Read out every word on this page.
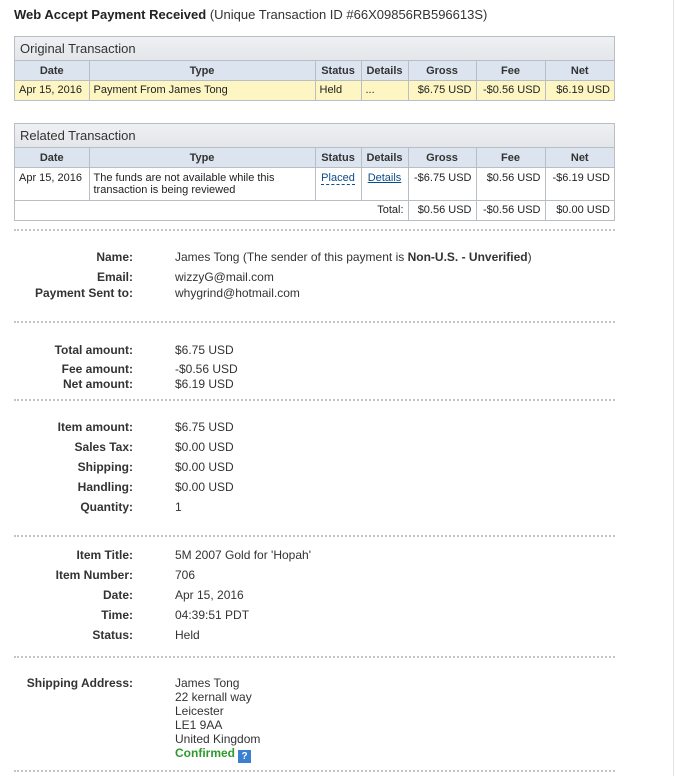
Web Accept Payment Received (Unique Transaction ID #66X09856RB596613S)
Original Transaction
Date	Type	Status	Details	Gross	Fee	Net
Apr 15, 2016	Payment From James Tong	Held	...	$6.75 USD	-$0.56 USD	$6.19 USD
Related Transaction
Date	Type	Status	Details	Gross	Fee	Net
Apr 15, 2016	The funds are not available while this transaction is being reviewed	Placed	Details	-$6.75 USD	$0.56 USD	-$6.19 USD
			Total:	$0.56 USD	-$0.56 USD	$0.00 USD
Name:	James Tong (The sender of this payment is Non-U.S. - Unverified)
Email:	wizzyG@mail.com
Payment Sent to:	whygrind@hotmail.com
Total amount:	$6.75 USD
Fee amount:	-$0.56 USD
Net amount:	$6.19 USD
Item amount:	$6.75 USD
Sales Tax:	$0.00 USD
Shipping:	$0.00 USD
Handling:	$0.00 USD
Quantity:	1
Item Title:	5M 2007 Gold for 'Hopah'
Item Number:	706
Date:	Apr 15, 2016
Time:	04:39:51 PDT
Status:	Held
Shipping Address:	James Tong
22 kernall way
Leicester
LE1 9AA
United Kingdom
Confirmed ?
